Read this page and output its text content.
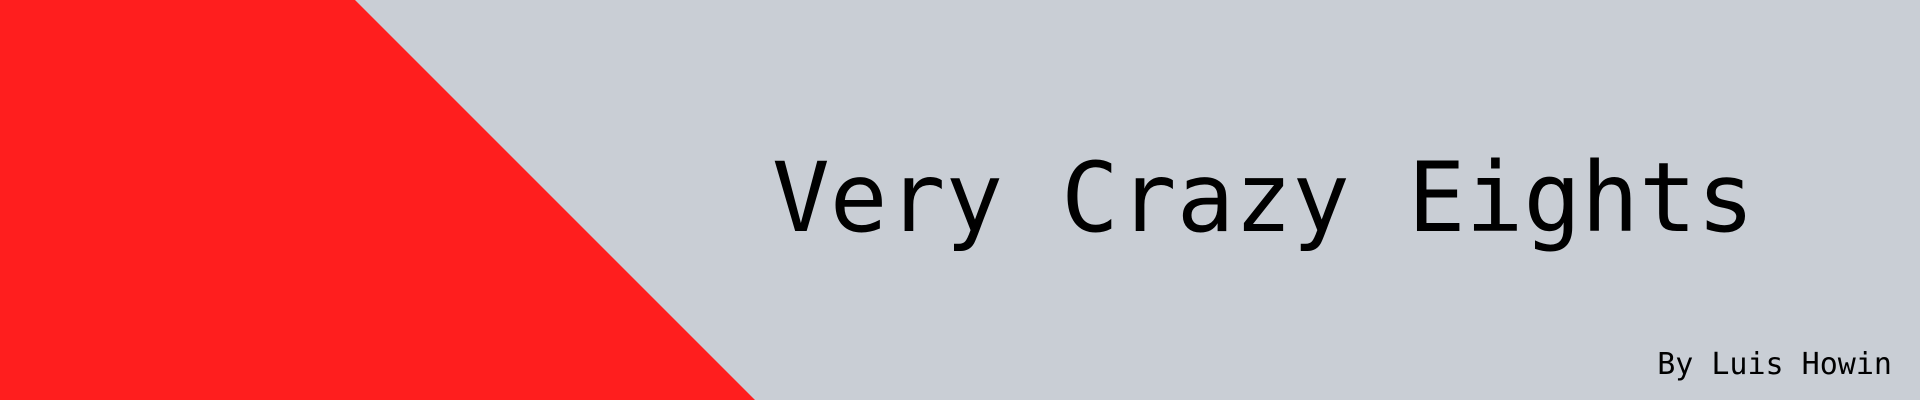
Very Crazy Eights
By Luis Howin
